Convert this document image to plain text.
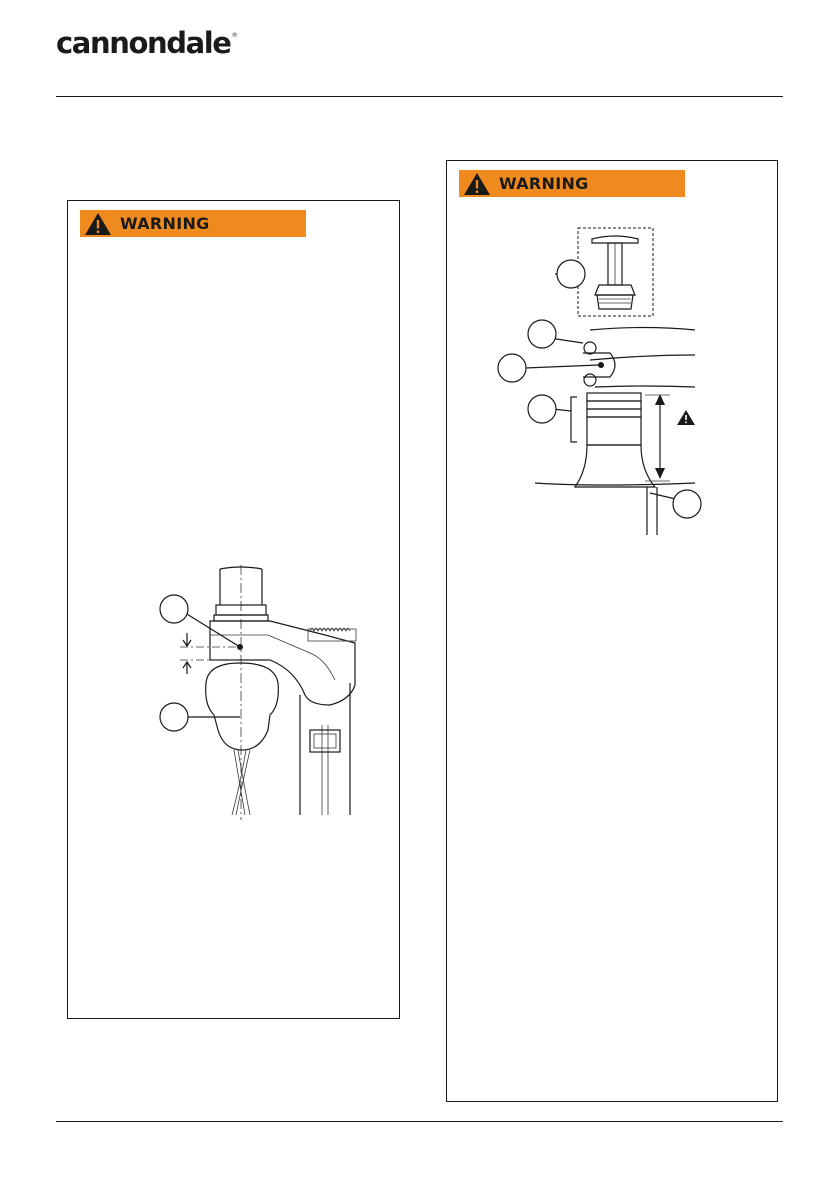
cannondale®
WARNING
WARNING
